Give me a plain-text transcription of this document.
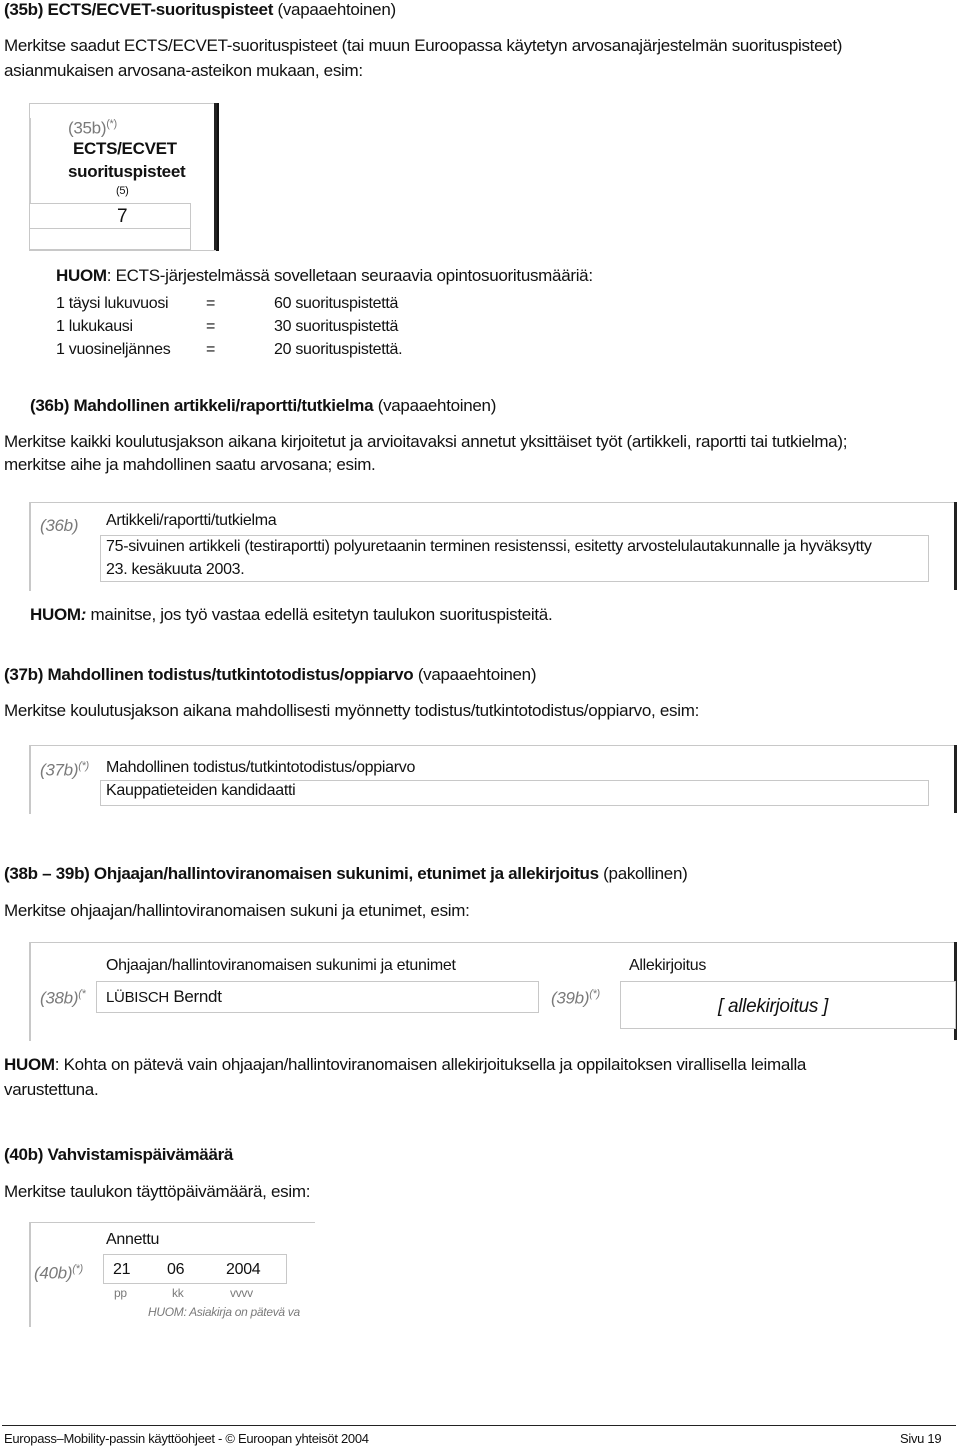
(35b) ECTS/ECVET-suorituspisteet (vapaaehtoinen)
Merkitse saadut ECTS/ECVET-suorituspisteet (tai muun Euroopassa käytetyn arvosanajärjestelmän suorituspisteet)
asianmukaisen arvosana-asteikon mukaan, esim:
(35b)(*)
ECTS/ECVET
suorituspisteet
(5)
7
HUOM: ECTS-järjestelmässä sovelletaan seuraavia opintosuoritusmääriä:
1 täysi lukuvuosi =	60 suorituspistettä
1 lukukausi	=	30 suorituspistettä
1 vuosineljännes =	20 suorituspistettä.
(36b) Mahdollinen artikkeli/raportti/tutkielma (vapaaehtoinen)
Merkitse kaikki koulutusjakson aikana kirjoitetut ja arvioitavaksi annetut yksittäiset työt (artikkeli, raportti tai tutkielma);
merkitse aihe ja mahdollinen saatu arvosana; esim.
(36b) Artikkeli/raportti/tutkielma
75-sivuinen artikkeli (testiraportti) polyuretaanin terminen resistenssi, esitetty arvostelulautakunnalle ja hyväksytty
23. kesäkuuta 2003.
HUOM: mainitse, jos työ vastaa edellä esitetyn taulukon suorituspisteitä.
(37b) Mahdollinen todistus/tutkintotodistus/oppiarvo (vapaaehtoinen)
Merkitse koulutusjakson aikana mahdollisesti myönnetty todistus/tutkintotodistus/oppiarvo, esim:
(37b)(*) Mahdollinen todistus/tutkintotodistus/oppiarvo
Kauppatieteiden kandidaatti
(38b – 39b) Ohjaajan/hallintoviranomaisen sukunimi, etunimet ja allekirjoitus (pakollinen)
Merkitse ohjaajan/hallintoviranomaisen sukuni ja etunimet, esim:
(38b)(*
Ohjaajan/hallintoviranomaisen sukunimi ja etunimet
LÜBISCH Berndt	(39b)(*)
Allekirjoitus
[ allekirjoitus ]
HUOM: Kohta on pätevä vain ohjaajan/hallintoviranomaisen allekirjoituksella ja oppilaitoksen virallisella leimalla
varustettuna.
(40b) Vahvistamispäivämäärä
Merkitse taulukon täyttöpäivämäärä, esim:
Annettu
(40b)(*) 21 06	2004
pp	kk	vvvv
HUOM: Asiakirja on pätevä va
Europass–Mobility-passin käyttöohjeet - © Euroopan yhteisöt 2004	Sivu 19
